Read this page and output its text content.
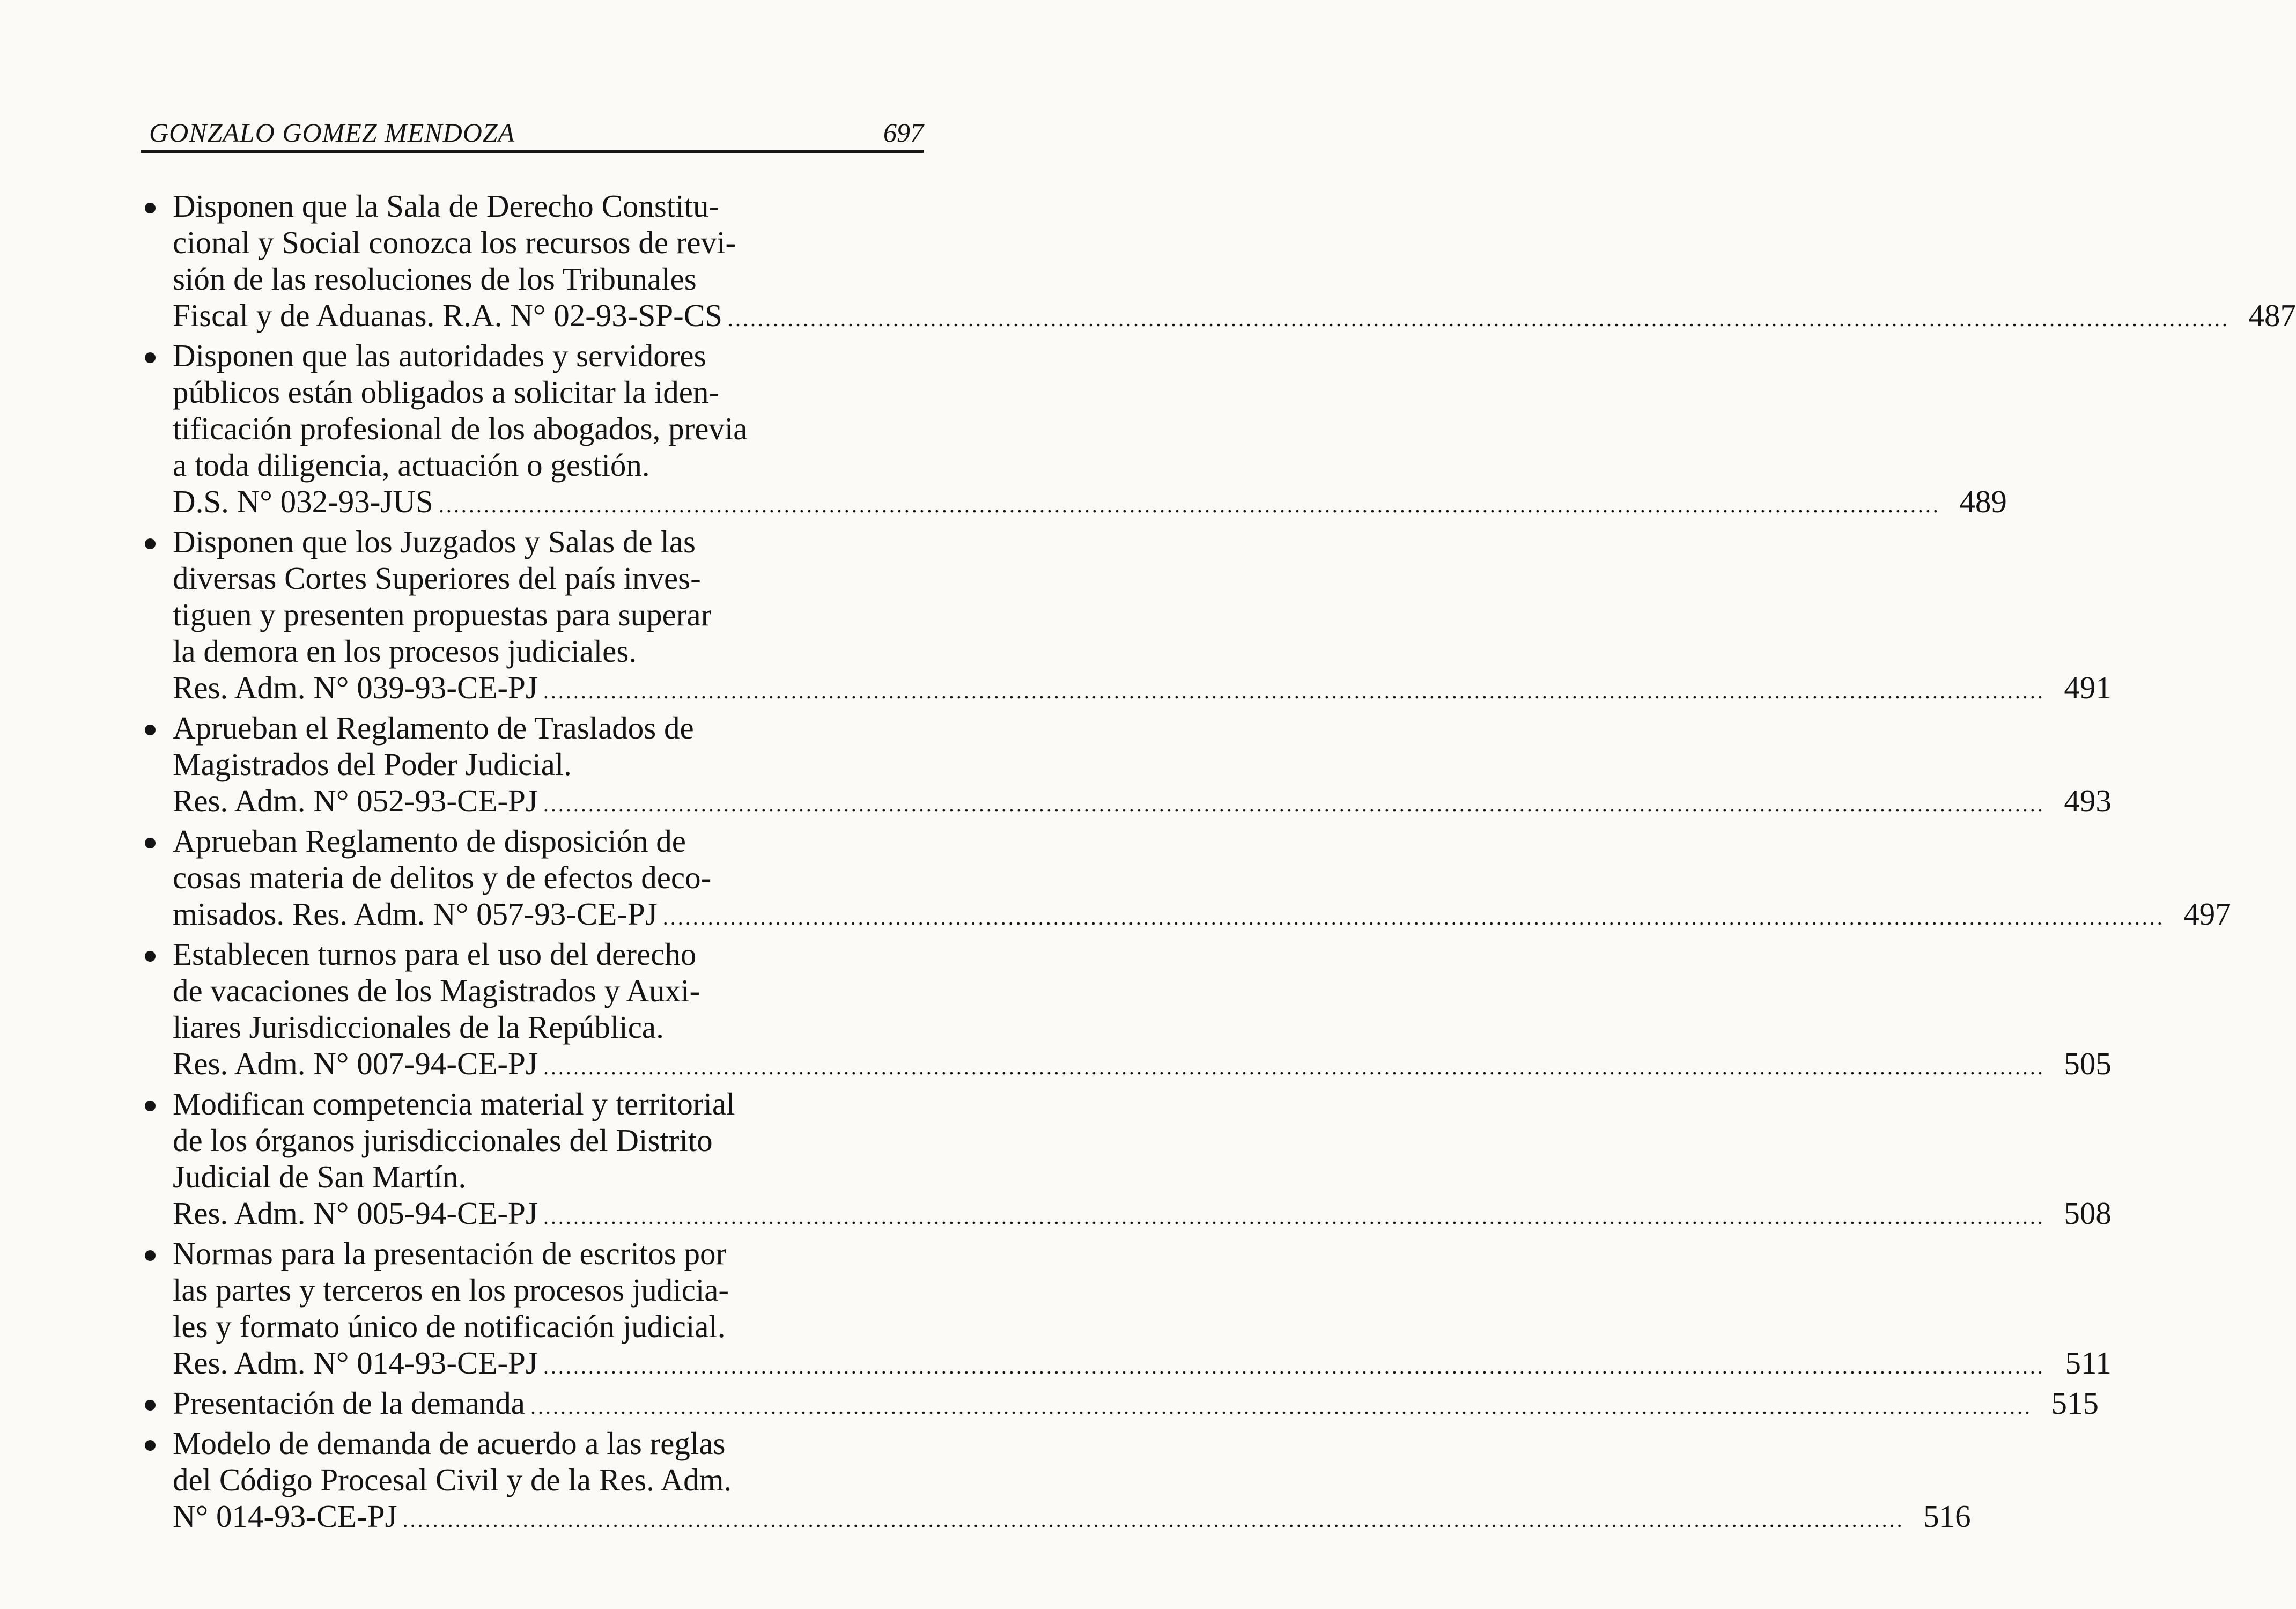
GONZALO GOMEZ MENDOZA	697
Disponen que la Sala de Derecho Constitu-
cional y Social conozca los recursos de revi-
sión de las resoluciones de los Tribunales
Fiscal y de Aduanas. R.A. N° 02-93-SP-CS ........................................................................................................................................................................................................ 487
Disponen que las autoridades y servidores
públicos están obligados a solicitar la iden-
tificación profesional de los abogados, previa
a toda diligencia, actuación o gestión.
D.S. N° 032-93-JUS ........................................................................................................................................................................................................ 489
Disponen que los Juzgados y Salas de las
diversas Cortes Superiores del país inves-
tiguen y presenten propuestas para superar
la demora en los procesos judiciales.
Res. Adm. N° 039-93-CE-PJ ........................................................................................................................................................................................................ 491
Aprueban el Reglamento de Traslados de
Magistrados del Poder Judicial.
Res. Adm. N° 052-93-CE-PJ ........................................................................................................................................................................................................ 493
Aprueban Reglamento de disposición de
cosas materia de delitos y de efectos deco-
misados. Res. Adm. N° 057-93-CE-PJ ........................................................................................................................................................................................................ 497
Establecen turnos para el uso del derecho
de vacaciones de los Magistrados y Auxi-
liares Jurisdiccionales de la República.
Res. Adm. N° 007-94-CE-PJ ........................................................................................................................................................................................................ 505
Modifican competencia material y territorial
de los órganos jurisdiccionales del Distrito
Judicial de San Martín.
Res. Adm. N° 005-94-CE-PJ ........................................................................................................................................................................................................ 508
Normas para la presentación de escritos por
las partes y terceros en los procesos judicia-
les y formato único de notificación judicial.
Res. Adm. N° 014-93-CE-PJ ........................................................................................................................................................................................................ 511
Presentación de la demanda ........................................................................................................................................................................................................ 515
Modelo de demanda de acuerdo a las reglas
del Código Procesal Civil y de la Res. Adm.
N° 014-93-CE-PJ ........................................................................................................................................................................................................ 516
